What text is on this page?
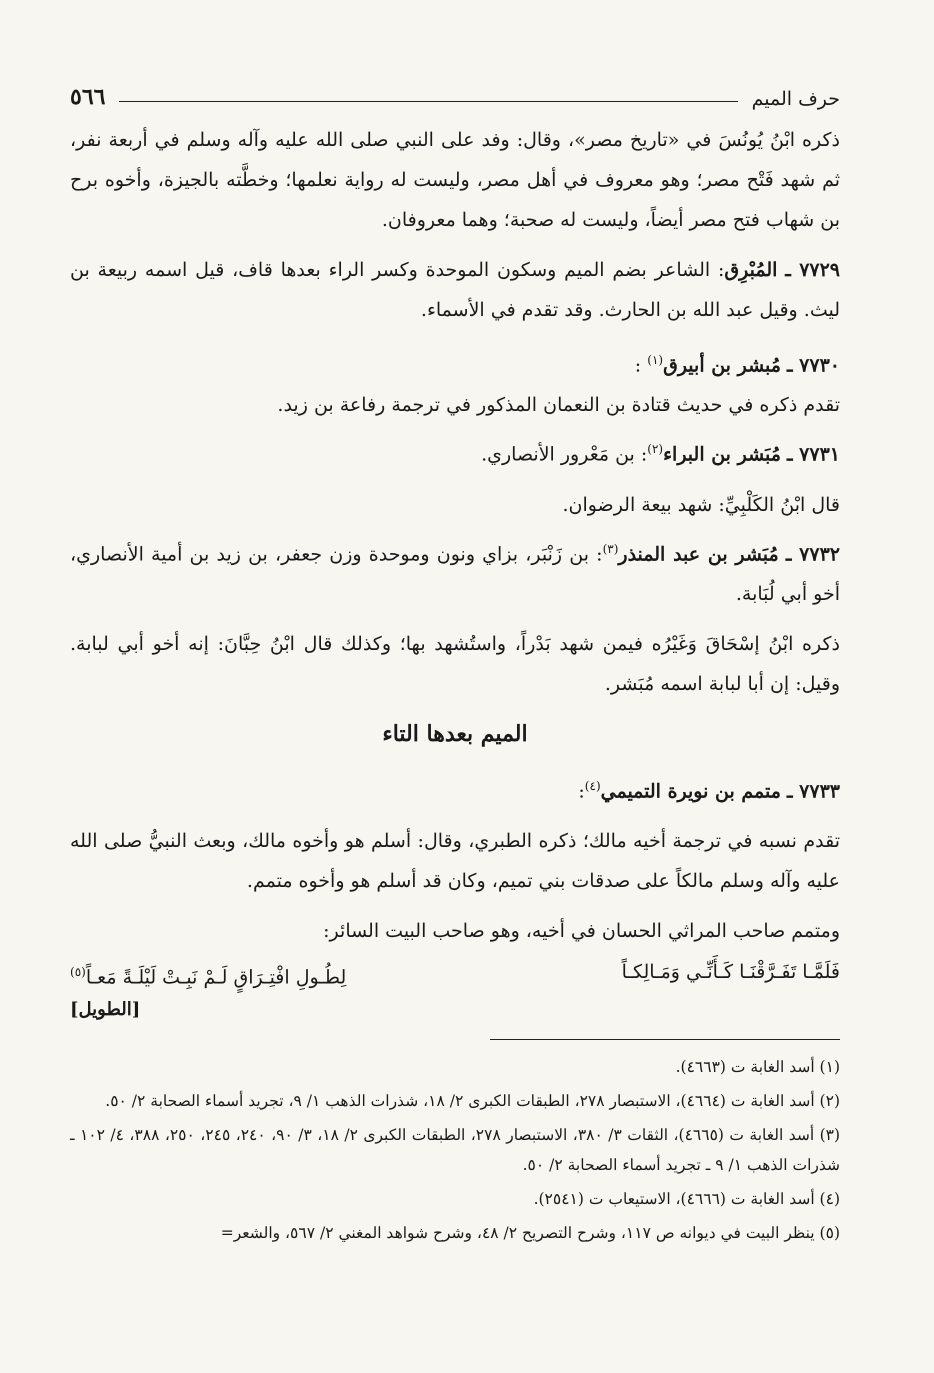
حرف الميم
٥٦٦

ذكره ابْنُ يُونُسَ في «تاريخ مصر»، وقال: وفد على النبي صلى الله عليه وآله وسلم في أربعة نفر، ثم شهد فَتْح مصر؛ وهو معروف في أهل مصر، وليست له رواية نعلمها؛ وخطَّته بالجيزة، وأخوه برح بن شهاب فتح مصر أيضاً، وليست له صحبة؛ وهما معروفان.

٧٧٢٩ ـ المُبْرِق: الشاعر بضم الميم وسكون الموحدة وكسر الراء بعدها قاف، قيل اسمه ربيعة بن ليث. وقيل عبد الله بن الحارث. وقد تقدم في الأسماء.

٧٧٣٠ ـ مُبشر بن أبيرق$^{(١)}$ :
تقدم ذكره في حديث قتادة بن النعمان المذكور في ترجمة رفاعة بن زيد.

٧٧٣١ ـ مُبَشر بن البراء$^{(٢)}$: بن مَعْرور الأنصاري.

قال ابْنُ الكَلْبِيِّ: شهد بيعة الرضوان.

٧٧٣٢ ـ مُبَشر بن عبد المنذر$^{(٣)}$: بن زَنْبَر، بزاي ونون وموحدة وزن جعفر، بن زيد بن أمية الأنصاري، أخو أبي لُبَابة.

ذكره ابْنُ إسْحَاقَ وَغَيْرُه فيمن شهد بَدْراً، واستُشهد بها؛ وكذلك قال ابْنُ حِبَّانَ: إنه أخو أبي لبابة. وقيل: إن أبا لبابة اسمه مُبَشر.

الميم بعدها التاء

٧٧٣٣ ـ متمم بن نويرة التميمي$^{(٤)}$:

تقدم نسبه في ترجمة أخيه مالك؛ ذكره الطبري، وقال: أسلم هو وأخوه مالك، وبعث النبيُّ صلى الله عليه وآله وسلم مالكاً على صدقات بني تميم، وكان قد أسلم هو وأخوه متمم.

ومتمم صاحب المراثي الحسان في أخيه، وهو صاحب البيت السائر:

فَلَمَّـا تَفَـرَّقْنَـا كَـأَنِّـي وَمَـالِكـاً
لِطُـولِ افْتِـرَاقٍ لَـمْ نَبِـتْ لَيْلَـةً مَعـاً$^{(٥)}$
[الطويل]

(١) أسد الغابة ت (٤٦٦٣).

(٢) أسد الغابة ت (٤٦٦٤)، الاستبصار ٢٧٨، الطبقات الكبرى ٢/ ١٨، شذرات الذهب ١/ ٩، تجريد أسماء الصحابة ٢/ ٥٠.

(٣) أسد الغابة ت (٤٦٦٥)، الثقات ٣/ ٣٨٠، الاستبصار ٢٧٨، الطبقات الكبرى ٢/ ١٨، ٣/ ٩٠، ٢٤٠، ٢٤٥، ٢٥٠، ٣٨٨، ٤/ ١٠٢ ـ شذرات الذهب ١/ ٩ ـ تجريد أسماء الصحابة ٢/ ٥٠.

(٤) أسد الغابة ت (٤٦٦٦)، الاستيعاب ت (٢٥٤١).

(٥) ينظر البيت في ديوانه ص ١١٧، وشرح التصريح ٢/ ٤٨، وشرح شواهد المغني ٢/ ٥٦٧، والشعر=
